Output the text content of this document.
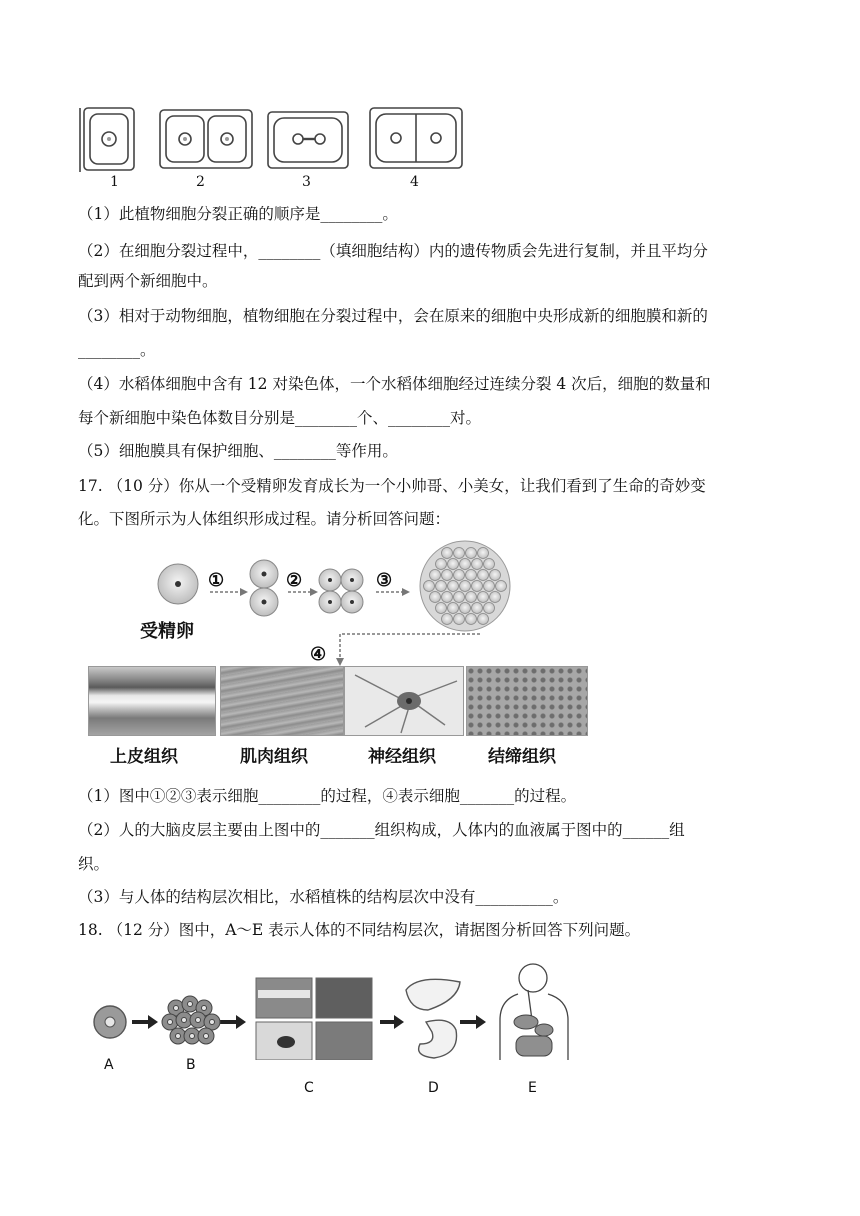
1	2	3	4
（1）此植物细胞分裂正确的顺序是________。
（2）在细胞分裂过程中，________（填细胞结构）内的遗传物质会先进行复制，并且平均分
配到两个新细胞中。
（3）相对于动物细胞，植物细胞在分裂过程中，会在原来的细胞中央形成新的细胞膜和新的
________。
（4）水稻体细胞中含有 12 对染色体，一个水稻体细胞经过连续分裂 4 次后，细胞的数量和
每个新细胞中染色体数目分别是________个、________对。
（5）细胞膜具有保护细胞、________等作用。
17. （10 分）你从一个受精卵发育成长为一个小帅哥、小美女，让我们看到了生命的奇妙变
化。下图所示为人体组织形成过程。请分析回答问题：
受精卵
①	②	③
④
上皮组织	肌肉组织	神经组织	结缔组织
（1）图中①②③表示细胞________的过程，④表示细胞_______的过程。
（2）人的大脑皮层主要由上图中的_______组织构成，人体内的血液属于图中的______组
织。
（3）与人体的结构层次相比，水稻植株的结构层次中没有__________。
18. （12 分）图中，A～E 表示人体的不同结构层次，请据图分析回答下列问题。
A	B
C	D	E
